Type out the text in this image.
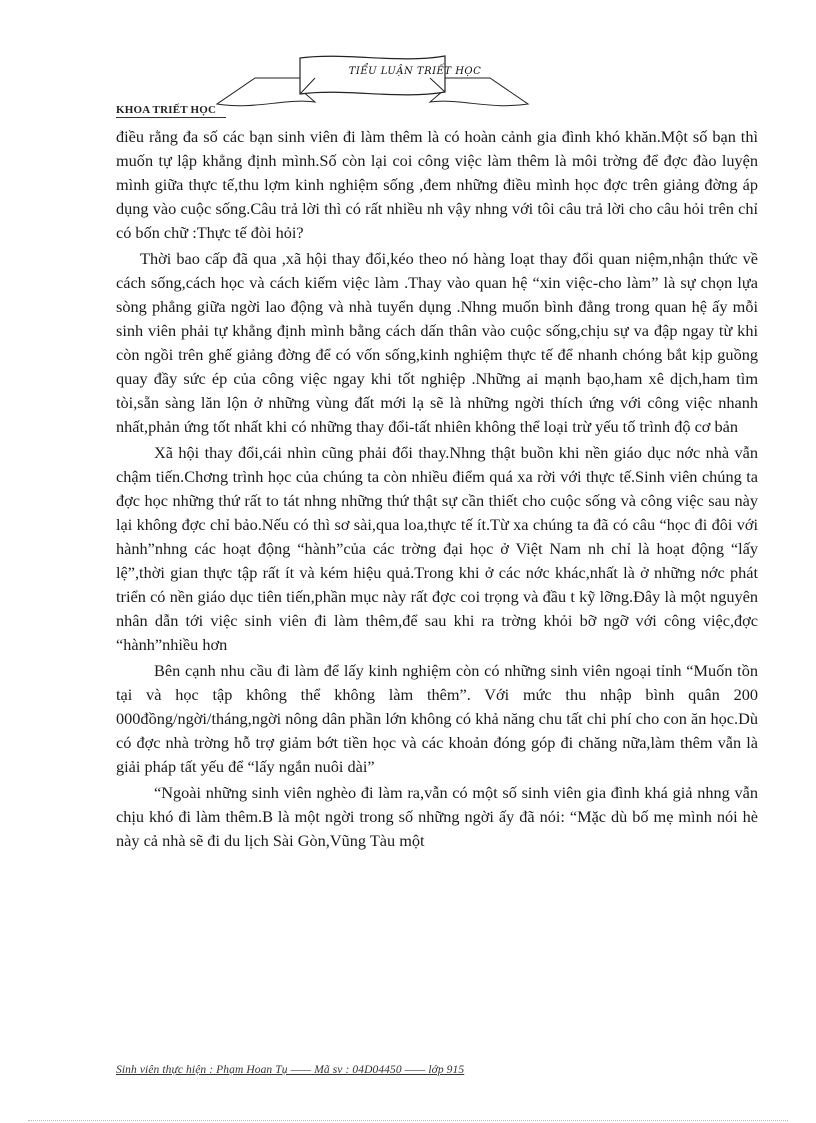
TIỂU LUẬN TRIẾT HỌC
KHOA TRIẾT HỌC

điều rằng đa số các bạn sinh viên đi làm thêm là có hoàn cảnh gia đình khó khăn.Một số bạn thì muốn tự lập khẳng định mình.Số còn lại coi công việc làm thêm là môi trờng để đợc đào luyện mình giữa thực tế,thu lợm kinh nghiệm sống ,đem những điều mình học đợc trên giảng đờng áp dụng vào cuộc sống.Câu trả lời thì có rất nhiều nh vậy nhng với tôi câu trả lời cho câu hỏi trên chỉ có bốn chữ :Thực tế đòi hỏi?

Thời bao cấp đã qua ,xã hội thay đổi,kéo theo nó hàng loạt thay đổi quan niệm,nhận thức về cách sống,cách học và cách kiếm việc làm .Thay vào quan hệ “xin việc-cho làm” là sự chọn lựa sòng phẳng giữa ngời lao động và nhà tuyển dụng .Nhng muốn bình đẳng trong quan hệ ấy mỗi sinh viên phải tự khẳng định mình bằng cách dấn thân vào cuộc sống,chịu sự va đập ngay từ khi còn ngồi trên ghế giảng đờng để có vốn sống,kinh nghiệm thực tế để nhanh chóng bắt kịp guồng quay đầy sức ép của công việc ngay khi tốt nghiệp .Những ai mạnh bạo,ham xê dịch,ham tìm tòi,sẵn sàng lăn lộn ở những vùng đất mới lạ sẽ là những ngời thích ứng với công việc nhanh nhất,phản ứng tốt nhất khi có những thay đổi-tất nhiên không thể loại trừ yếu tố trình độ cơ bản

Xã hội thay đổi,cái nhìn cũng phải đổi thay.Nhng thật buồn khi nền giáo dục nớc nhà vẫn chậm tiến.Chơng trình học của chúng ta còn nhiều điểm quá xa rời với thực tế.Sinh viên chúng ta đợc học những thứ rất to tát nhng những thứ thật sự cần thiết cho cuộc sống và công việc sau này lại không đợc chỉ bảo.Nếu có thì sơ sài,qua loa,thực tế ít.Từ xa chúng ta đã có câu “học đi đôi với hành”nhng các hoạt động “hành”của các trờng đại học ở Việt Nam nh chỉ là hoạt động “lấy lệ”,thời gian thực tập rất ít và kém hiệu quả.Trong khi ở các nớc khác,nhất là ở những nớc phát triển có nền giáo dục tiên tiến,phần mục này rất đợc coi trọng và đầu t kỹ lỡng.Đây là một nguyên nhân dẫn tới việc sinh viên đi làm thêm,để sau khi ra trờng khỏi bỡ ngỡ với công việc,đợc “hành”nhiều hơn

Bên cạnh nhu cầu đi làm để lấy kinh nghiệm còn có những sinh viên ngoại tỉnh “Muốn tồn tại và học tập không thể không làm thêm”. Với mức thu nhập bình quân 200 000đồng/ngời/tháng,ngời nông dân phần lớn không có khả năng chu tất chi phí cho con ăn học.Dù có đợc nhà trờng hỗ trợ giảm bớt tiền học và các khoản đóng góp đi chăng nữa,làm thêm vẫn là giải pháp tất yếu để “lấy ngắn nuôi dài”

“Ngoài những sinh viên nghèo đi làm ra,vẫn có một số sinh viên gia đình khá giả nhng vẫn chịu khó đi làm thêm.B là một ngời trong số những ngời ấy đã nói: “Mặc dù bố mẹ mình nói hè này cả nhà sẽ đi du lịch Sài Gòn,Vũng Tàu một

Sinh viên thực hiện : Phạm Hoan Tụ —— Mã sv : 04D04450 —— lớp 915
